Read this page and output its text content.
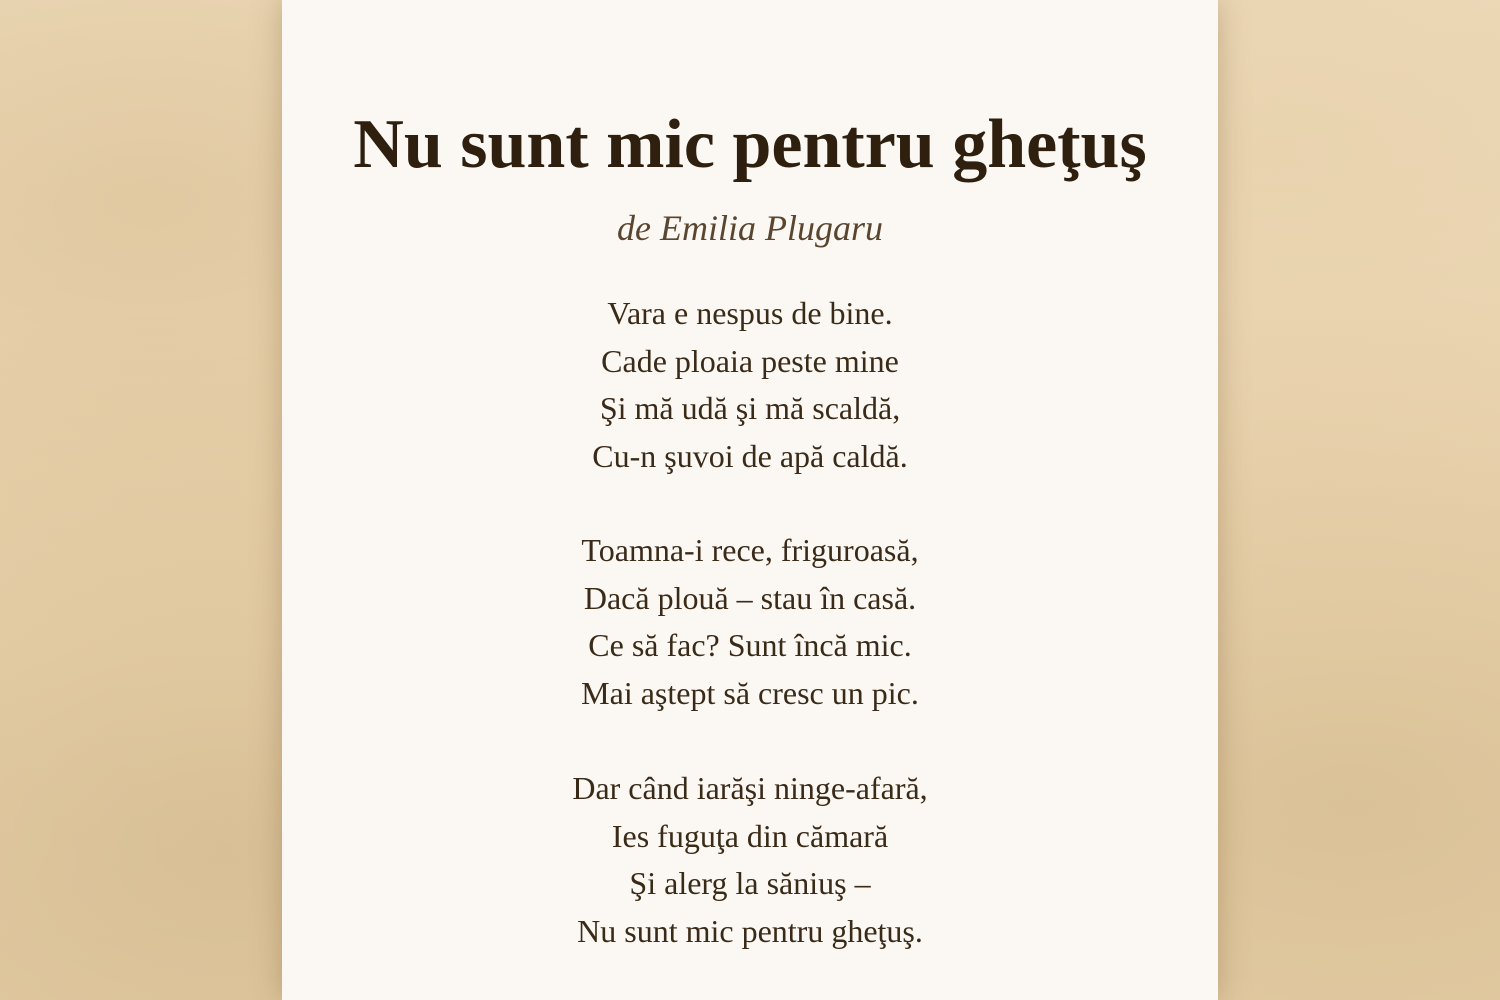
Nu sunt mic pentru gheţuş

de Emilia Plugaru

Vara e nespus de bine.
Cade ploaia peste mine
Şi mă udă şi mă scaldă,
Cu-n şuvoi de apă caldă.
Toamna-i rece, friguroasă,
Dacă plouă – stau în casă.
Ce să fac? Sunt încă mic.
Mai aştept să cresc un pic.
Dar când iarăşi ninge-afară,
Ies fuguţa din cămară
Şi alerg la săniuş –
Nu sunt mic pentru gheţuş.
